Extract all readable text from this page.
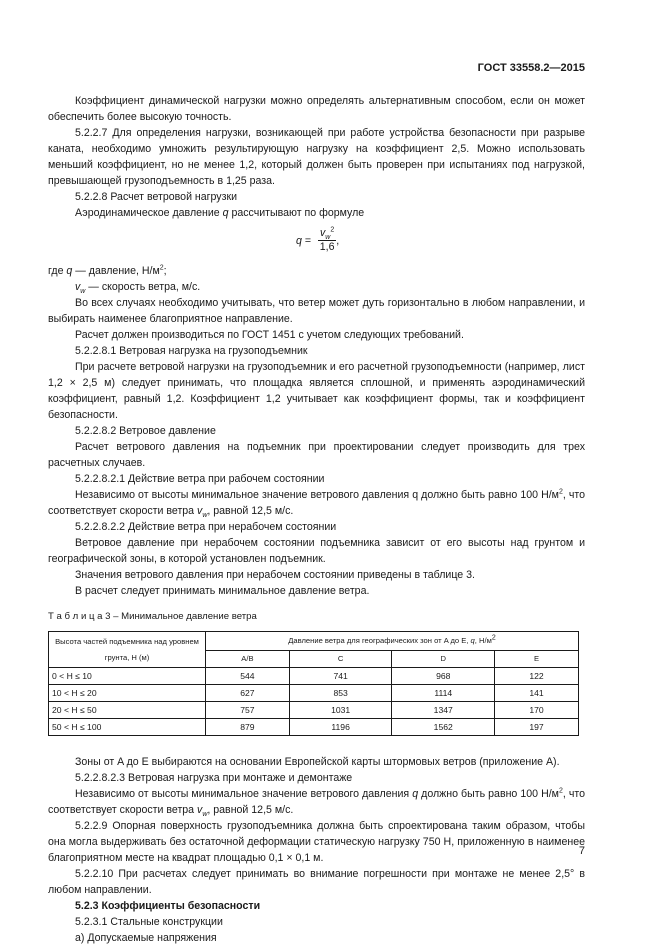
ГОСТ 33558.2—2015

Коэффициент динамической нагрузки можно определять альтернативным способом, если он может обеспечить более высокую точность.

5.2.2.7 Для определения нагрузки, возникающей при работе устройства безопасности при разрыве каната, необходимо умножить результирующую нагрузку на коэффициент 2,5. Можно использовать меньший коэффициент, но не менее 1,2, который должен быть проверен при испытаниях под нагрузкой, превышающей грузоподъемность в 1,25 раза.

5.2.2.8 Расчет ветровой нагрузки

Аэродинамическое давление q рассчитывают по формуле

$q = \frac{v_w^2}{1,6}$ ,

где q — давление, $Н/м^2$;

$v_w$ — скорость ветра, м/с.

Во всех случаях необходимо учитывать, что ветер может дуть горизонтально в любом направлении, и выбирать наименее благоприятное направление.

Расчет должен производиться по ГОСТ 1451 с учетом следующих требований.

5.2.2.8.1 Ветровая нагрузка на грузоподъемник

При расчете ветровой нагрузки на грузоподъемник и его расчетной грузоподъемности (например, лист 1,2 × 2,5 м) следует принимать, что площадка является сплошной, и применять аэродинамический коэффициент, равный 1,2. Коэффициент 1,2 учитывает как коэффициент формы, так и коэффициент безопасности.

5.2.2.8.2 Ветровое давление

Расчет ветрового давления на подъемник при проектировании следует производить для трех расчетных случаев.

5.2.2.8.2.1 Действие ветра при рабочем состоянии

Независимо от высоты минимальное значение ветрового давления q должно быть равно 100 $Н/м^2$, что соответствует скорости ветра $v_w$, равной 12,5 м/с.

5.2.2.8.2.2 Действие ветра при нерабочем состоянии

Ветровое давление при нерабочем состоянии подъемника зависит от его высоты над грунтом и географической зоны, в которой установлен подъемник.

Значения ветрового давления при нерабочем состоянии приведены в таблице 3.

В расчет следует принимать минимальное давление ветра.

Т а б л и ц а 3 – Минимальное давление ветра
Высота частей подъемника над уровнем грунта, H (м)	Давление ветра для географических зон от A до E, q, $Н/м^2$
	A/B	C	D	E
0 < H ≤ 10	544	741	968	122
10 < H ≤ 20	627	853	1114	141
20 < H ≤ 50	757	1031	1347	170
50 < H ≤ 100	879	1196	1562	197

Зоны от A до E выбираются на основании Европейской карты штормовых ветров (приложение А).

5.2.2.8.2.3 Ветровая нагрузка при монтаже и демонтаже

Независимо от высоты минимальное значение ветрового давления q должно быть равно 100 $Н/м^2$, что соответствует скорости ветра $v_w$, равной 12,5 м/с.

5.2.2.9 Опорная поверхность грузоподъемника должна быть спроектирована таким образом, чтобы она могла выдерживать без остаточной деформации статическую нагрузку 750 Н, приложенную в наименее благоприятном месте на квадрат площадью 0,1 × 0,1 м.

5.2.2.10 При расчетах следует принимать во внимание погрешности при монтаже не менее 2,5° в любом направлении.

5.2.3 Коэффициенты безопасности

5.2.3.1 Стальные конструкции

а) Допускаемые напряжения

7
